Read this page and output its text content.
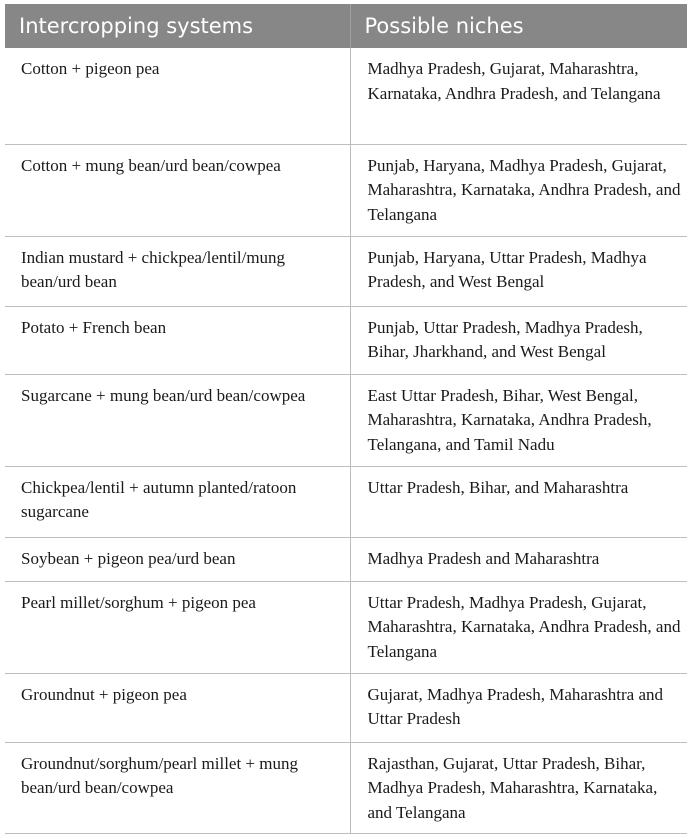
Intercropping systems	Possible niches
Cotton + pigeon pea	Madhya Pradesh, Gujarat, Maharashtra, Karnataka, Andhra Pradesh, and Telangana
Cotton + mung bean/urd bean/cowpea	Punjab, Haryana, Madhya Pradesh, Gujarat, Maharashtra, Karnataka, Andhra Pradesh, and Telangana
Indian mustard + chickpea/lentil/mung bean/urd bean	Punjab, Haryana, Uttar Pradesh, Madhya Pradesh, and West Bengal
Potato + French bean	Punjab, Uttar Pradesh, Madhya Pradesh, Bihar, Jharkhand, and West Bengal
Sugarcane + mung bean/urd bean/cowpea	East Uttar Pradesh, Bihar, West Bengal, Maharashtra, Karnataka, Andhra Pradesh, Telangana, and Tamil Nadu
Chickpea/lentil + autumn planted/ratoon sugarcane	Uttar Pradesh, Bihar, and Maharashtra
Soybean + pigeon pea/urd bean	Madhya Pradesh and Maharashtra
Pearl millet/sorghum + pigeon pea	Uttar Pradesh, Madhya Pradesh, Gujarat, Maharashtra, Karnataka, Andhra Pradesh, and Telangana
Groundnut + pigeon pea	Gujarat, Madhya Pradesh, Maharashtra and Uttar Pradesh
Groundnut/sorghum/pearl millet + mung bean/urd bean/cowpea	Rajasthan, Gujarat, Uttar Pradesh, Bihar, Madhya Pradesh, Maharashtra, Karnataka, and Telangana
